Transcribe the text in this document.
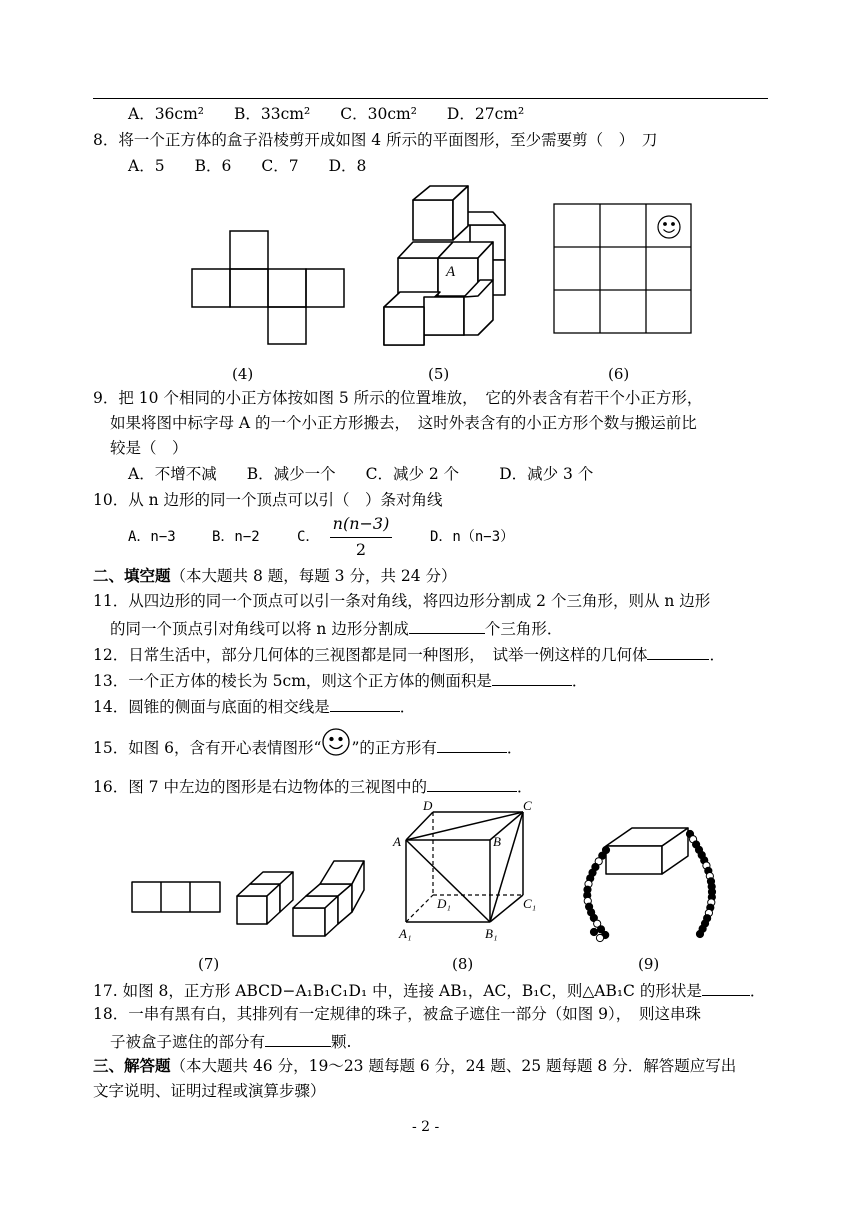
A．36cm² B．33cm² C．30cm² D．27cm²
8．将一个正方体的盒子沿棱剪开成如图 4 所示的平面图形，至少需要剪（　）　刀
A．5 B．6 C．7 D．8
A
(4)	(5)	(6)
9．把 10 个相同的小正方体按如图 5 所示的位置堆放，　它的外表含有若干个小正方形，
如果将图中标字母 A 的一个小正方形搬去，　这时外表含有的小正方形个数与搬运前比
较是（　）
A．不增不减 B．减少一个 C．减少 2 个	D．减少 3 个
10．从 n 边形的同一个顶点可以引（　）条对角线
A．n−3	B．n−2	C．
n(n−3)
2
D．n（n−3）
二、填空题（本大题共 8 题，每题 3 分，共 24 分）
11．从四边形的同一个顶点可以引一条对角线，将四边形分割成 2 个三角形，则从 n 边形
的同一个顶点引对角线可以将 n 边形分割成	个三角形．
12．日常生活中，部分几何体的三视图都是同一种图形，　试举一例这样的几何体	．
13．一个正方体的棱长为 5cm，则这个正方体的侧面积是	．
14．圆锥的侧面与底面的相交线是	．
15．如图 6，含有开心表情图形“ ”的正方形有	．
16．图 7 中左边的图形是右边物体的三视图中的	．
D	C
A	B
D₁	C₁
A₁	B₁
(7)	(8)	(9)
17. 如图 8，正方形 ABCD−A₁B₁C₁D₁ 中，连接 AB₁，AC，B₁C，则△AB₁C 的形状是	．
18．一串有黑有白，其排列有一定规律的珠子，被盒子遮住一部分（如图 9），　则这串珠
子被盒子遮住的部分有	颗.
三、解答题（本大题共 46 分，19～23 题每题 6 分，24 题、25 题每题 8 分．解答题应写出
文字说明、证明过程或演算步骤）
- 2 -
